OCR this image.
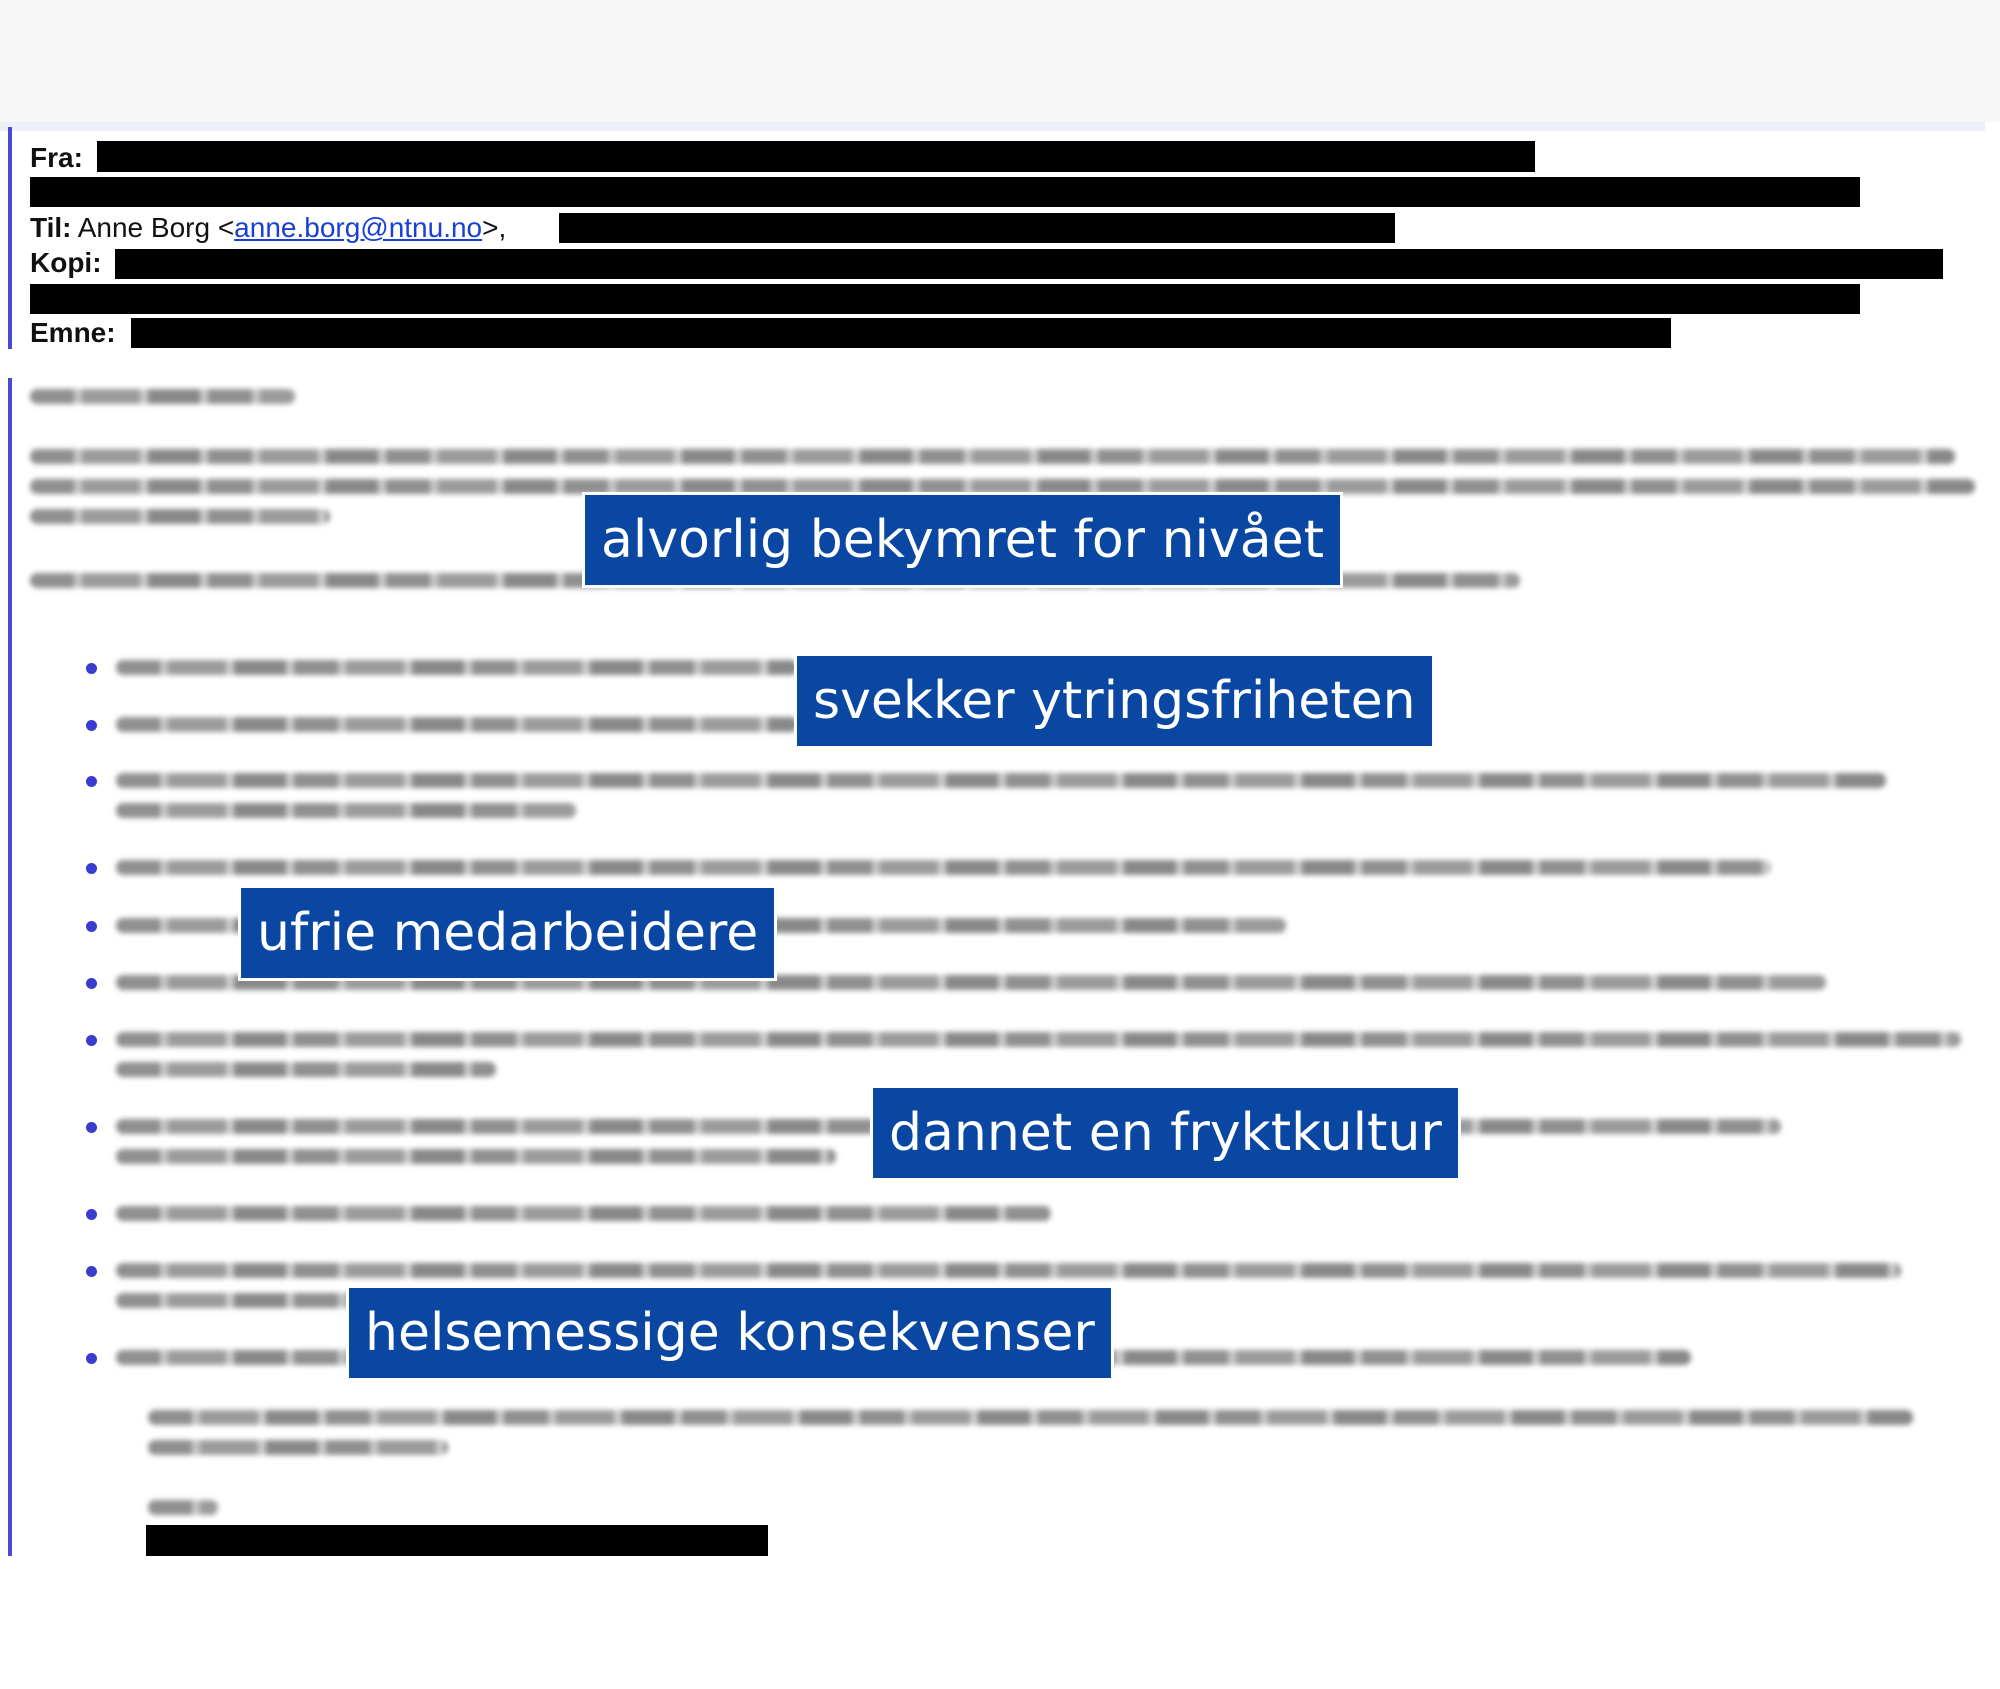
Fra:
Til: Anne Borg <anne.borg@ntnu.no>,
Kopi:
Emne:
alvorlig bekymret for nivået
svekker ytringsfriheten
ufrie medarbeidere
dannet en fryktkultur
helsemessige konsekvenser
